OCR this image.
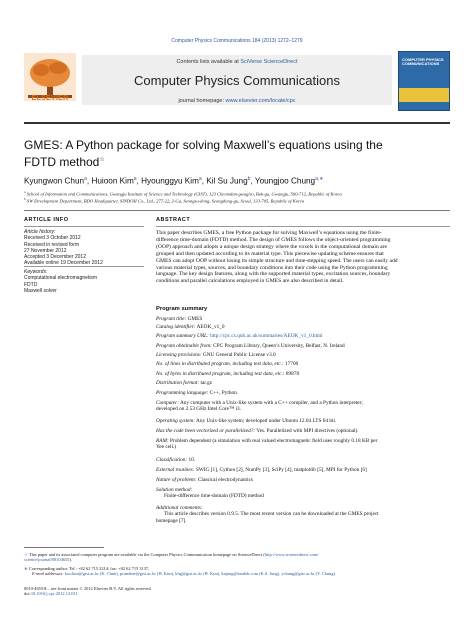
Computer Physics Communications 184 (2013) 1272–1279
ELSEVIER
Contents lists available at SciVerse ScienceDirect
Computer Physics Communications
journal homepage: www.elsevier.com/locate/cpc
COMPUTER PHYSICS COMMUNICATIONS
GMES: A Python package for solving Maxwell’s equations using the
FDTD method☆
Kyungwon Chun$^a$, Huioon Kim$^a$, Hyounggyu Kim$^a$, Kil Su Jung$^b$, Youngjoo Chung$^{a,∗}$
$^a$ School of Information and Communications, Gwangju Institute of Science and Technology (GIST), 123 Cheomdan-gwagiro, Buk-gu, Gwangju, 500-712, Republic of Korea
$^b$ SW Development Department, BDO Headquarter, SINDOH Co., Ltd., 277-22, 2-Ga, Seongsu-dong, Seongdong-gu, Seoul, 133-705, Republic of Korea
ARTICLE INFO
Article history:
Received 3 October 2012
Received in revised form
27 November 2012
Accepted 3 December 2012
Available online 19 December 2012
Keywords:
Computational electromagnetism
FDTD
Maxwell solver
ABSTRACT
This paper describes GMES, a free Python package for solving Maxwell’s equations using the finite-
difference time-domain (FDTD) method. The design of GMES follows the object-oriented programming
(OOP) approach and adopts a unique design strategy where the voxels in the computational domain are
grouped and then updated according to its material type. This piecewise updating scheme ensures that
GMES can adopt OOP without losing its simple structure and time-stepping speed. The users can easily add
various material types, sources, and boundary conditions into their code using the Python programming
language. The key design features, along with the supported material types, excitation sources, boundary
conditions and parallel calculations employed in GMES are also described in detail.
Program summary
Program title: GMES
Catalog identifier: AEOK_v1_0
Program summary URL: http://cpc.cs.qub.ac.uk/summaries/AEOK_v1_0.html
Program obtainable from: CPC Program Library, Queen’s University, Belfast, N. Ireland
Licensing provisions: GNU General Public License v3.0
No. of lines in distributed program, including test data, etc.: 17700
No. of bytes in distributed program, including test data, etc.: 89878
Distribution format: tar.gz
Programming language: C++, Python.
Computer: Any computer with a Unix-like system with a C++ compiler, and a Python interpreter;
developed on 2.53 GHz Intel Core™ i3.
Operating system: Any Unix-like system; developed under Ubuntu 12.04 LTS 64 bit.
Has the code been vectorized or parallelized?: Yes. Parallelized with MPI directives (optional).
RAM: Problem dependent (a simulation with real valued electromagnetic field uses roughly 0.18 KB per
Yee cell.)
Classification: 10.
External routines: SWIG [1], Cython [2], NumPy [3], SciPy [4], matplotlib [5], MPI for Python [6]
Nature of problem: Classical electrodynamics
Solution method:
Finite-difference time-domain (FDTD) method
Additional comments:
This article describes version 0.9.5. The most recent version can be downloaded at the GMES project
homepage [7].
☆ This paper and its associated computer program are available via the Computer Physics Communication homepage on ScienceDirect (http://www.sciencedirect.com/
science/journal/00104655).
∗ Corresponding author. Tel.: +82 62 715 2214; fax: +82 62 715 3137.
E-mail addresses: kwchun@gist.ac.kr (K. Chun), pcandme@gist.ac.kr (H. Kim), khg@gist.ac.kr (H. Kim), kujung@sindoh.com (K.S. Jung), ychung@gist.ac.kr (Y. Chung).
0010-4655/$ – see front matter © 2012 Elsevier B.V. All rights reserved.
doi:10.1016/j.cpc.2012.12.011
